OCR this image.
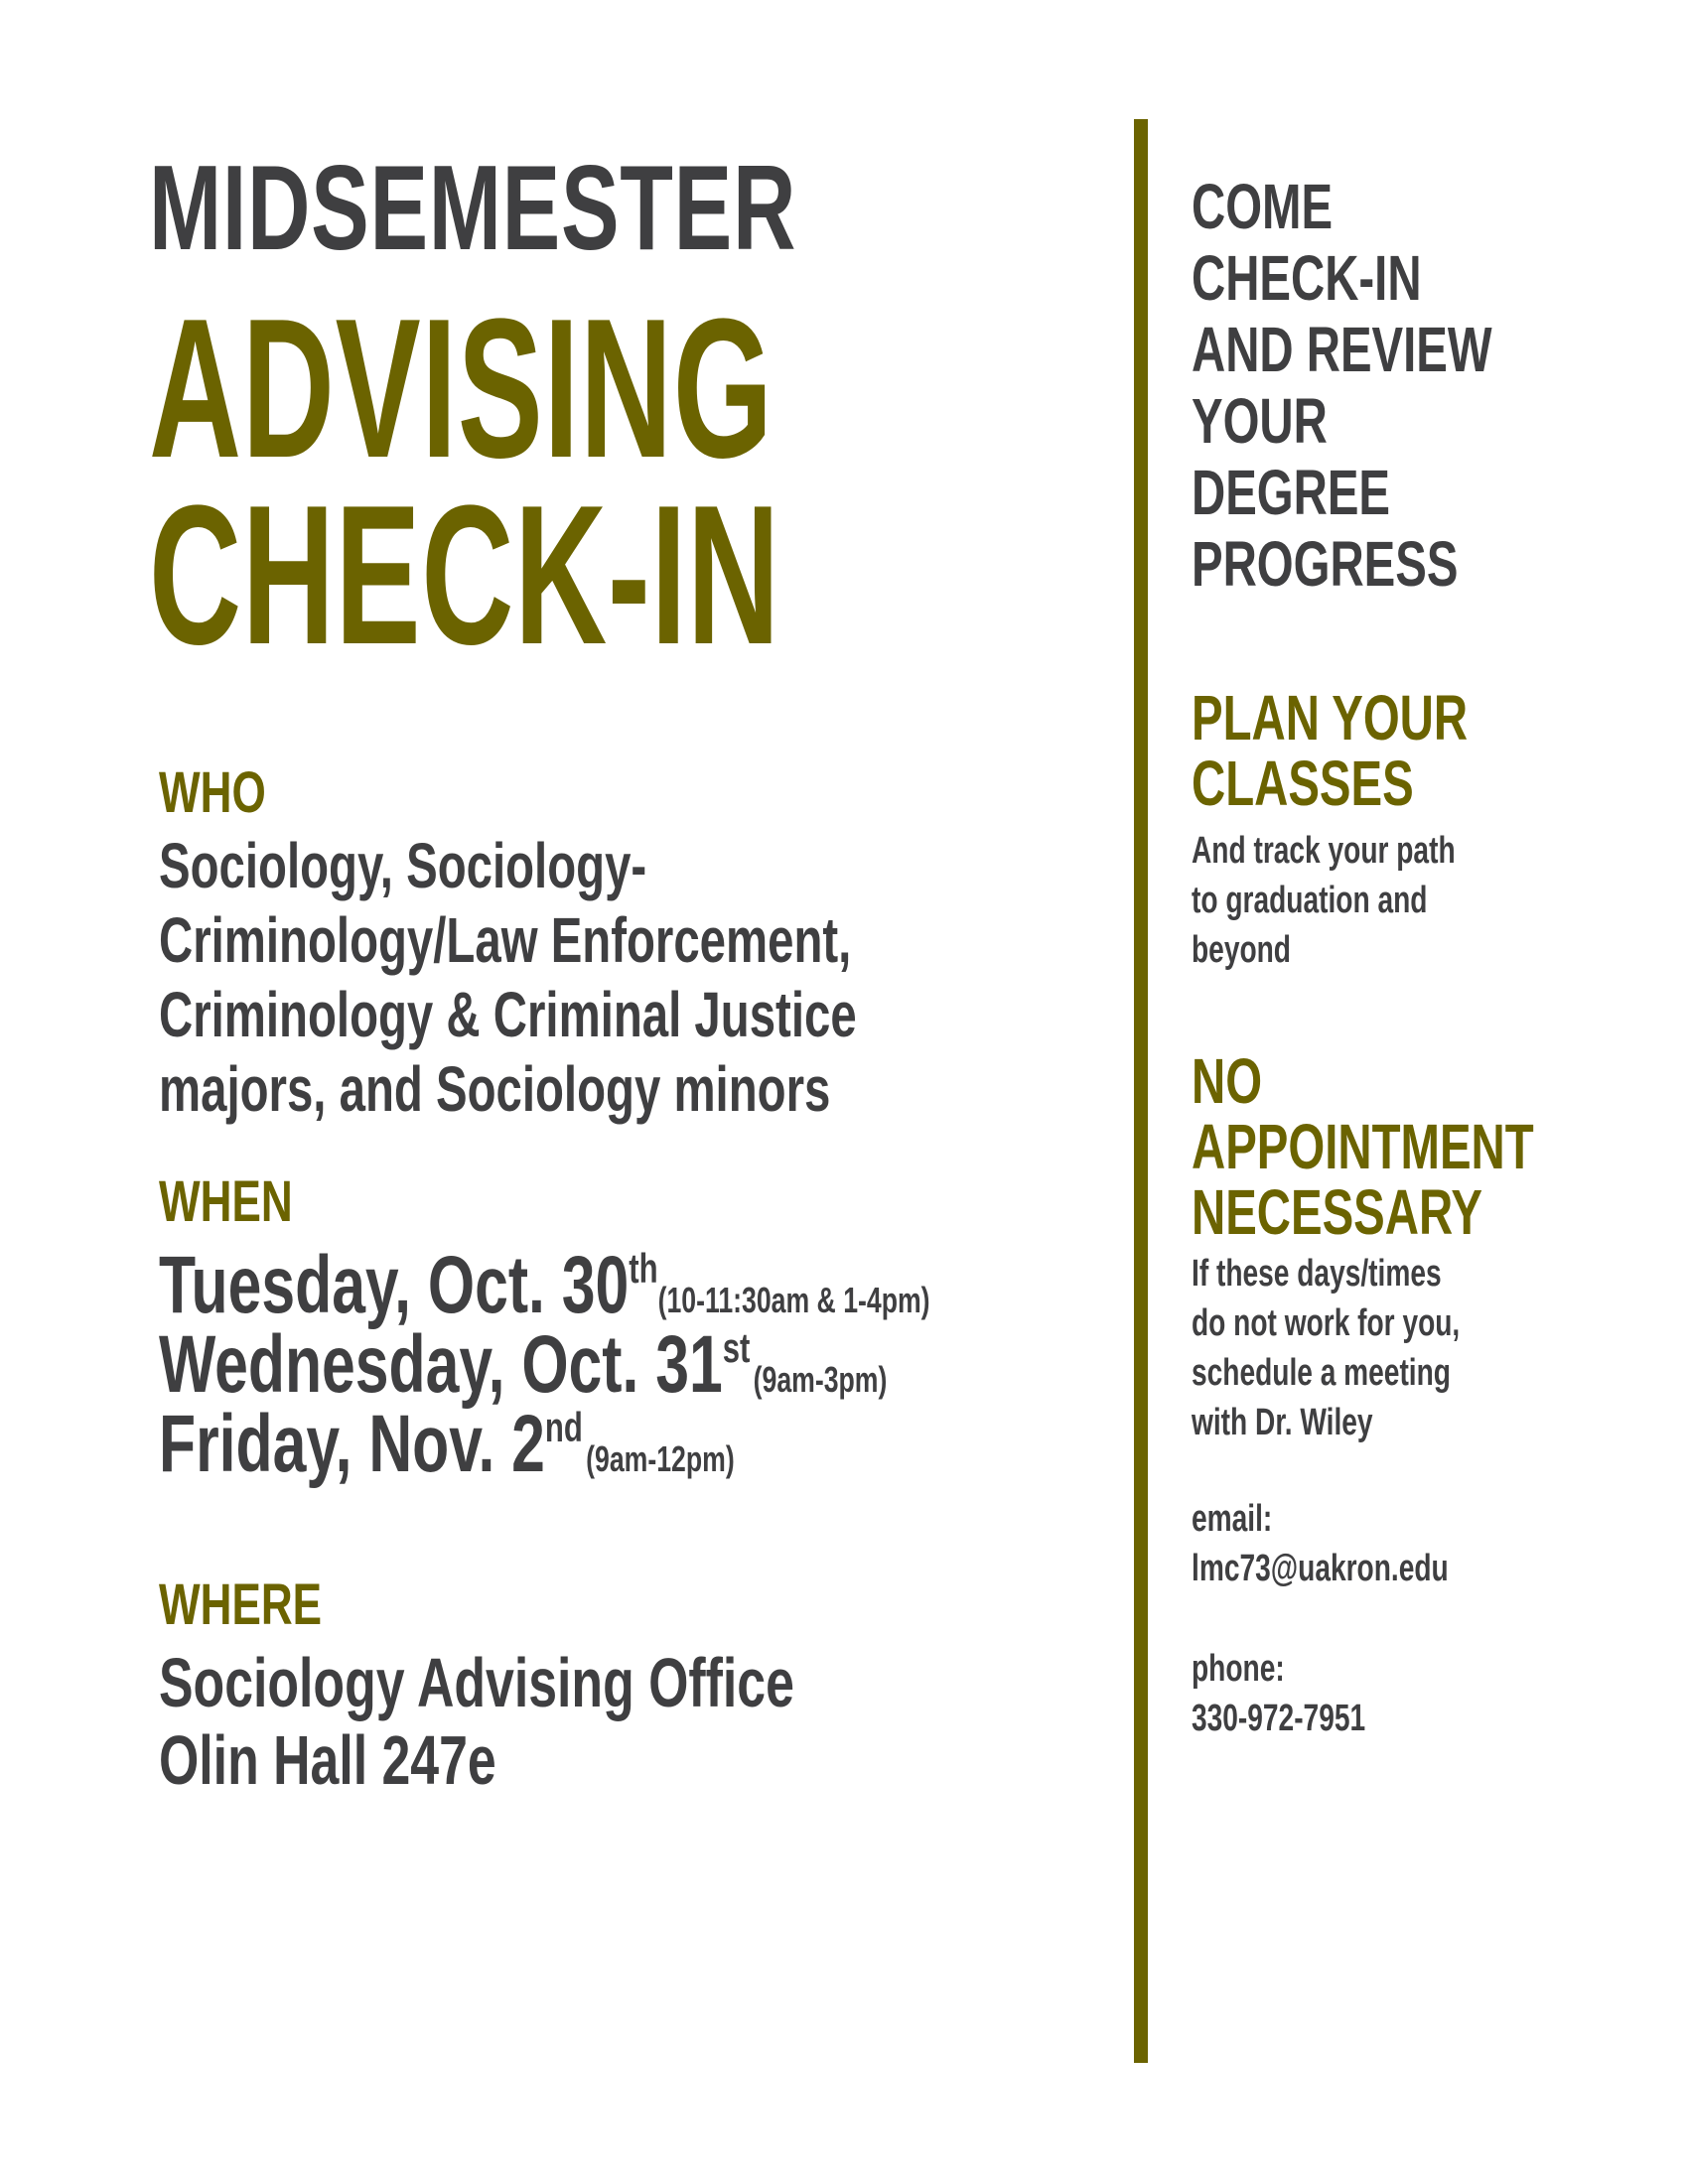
MIDSEMESTER
ADVISING
CHECK-IN
WHO
Sociology, Sociology-
Criminology/Law Enforcement,
Criminology & Criminal Justice
majors, and Sociology minors
WHEN
Tuesday, Oct. 30th(10-11:30am & 1-4pm)
Wednesday, Oct. 31st (9am-3pm)
Friday, Nov. 2nd (9am-12pm)
WHERE
Sociology Advising Office
Olin Hall 247e
COME
CHECK-IN
AND REVIEW
YOUR
DEGREE
PROGRESS
PLAN YOUR
CLASSES
And track your path
to graduation and
beyond
NO
APPOINTMENT
NECESSARY
If these days/times
do not work for you,
schedule a meeting
with Dr. Wiley
email:
lmc73@uakron.edu
phone:
330-972-7951
